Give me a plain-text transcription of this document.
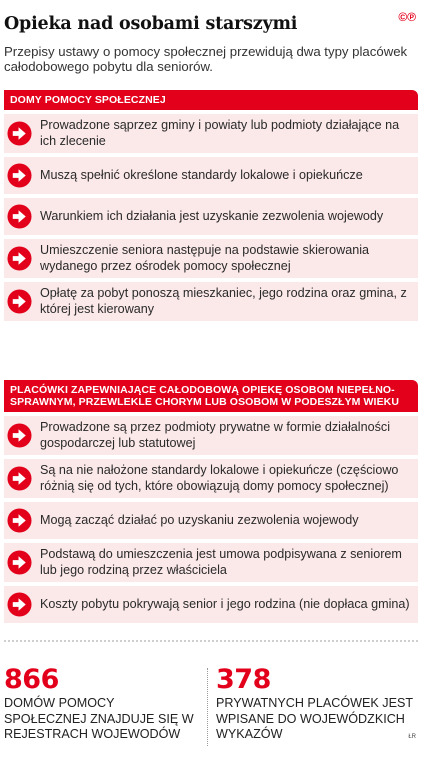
Opieka nad osobami starszymi	©℗
Przepisy ustawy o pomocy społecznej przewidują dwa typy placówek całodobowego pobytu dla seniorów.
DOMY POMOCY SPOŁECZNEJ
Prowadzone sąprzez gminy i powiaty lub podmioty działające na ich zlecenie
Muszą spełnić określone standardy lokalowe i opiekuńcze
Warunkiem ich działania jest uzyskanie zezwolenia wojewody
Umieszczenie seniora następuje na podstawie skierowania wydanego przez ośrodek pomocy społecznej
Opłatę za pobyt ponoszą mieszkaniec, jego rodzina oraz gmina, z której jest kierowany
PLACÓWKI ZAPEWNIAJĄCE CAŁODOBOWĄ OPIEKĘ OSOBOM NIEPEŁNO-SPRAWNYM, PRZEWLEKLE CHORYM LUB OSOBOM W PODESZŁYM WIEKU
Prowadzone są przez podmioty prywatne w formie działalności gospodarczej lub statutowej
Są na nie nałożone standardy lokalowe i opiekuńcze (częściowo różnią się od tych, które obowiązują domy pomocy społecznej)
Mogą zacząć działać po uzyskaniu zezwolenia wojewody
Podstawą do umieszczenia jest umowa podpisywana z seniorem lub jego rodziną przez właściciela
Koszty pobytu pokrywają senior i jego rodzina (nie dopłaca gmina)
866
DOMÓW POMOCY SPOŁECZNEJ ZNAJDUJE SIĘ W REJESTRACH WOJEWODÓW
378
PRYWATNYCH PLACÓWEK JEST WPISANE DO WOJEWÓDZKICH WYKAZÓW	ŁR
